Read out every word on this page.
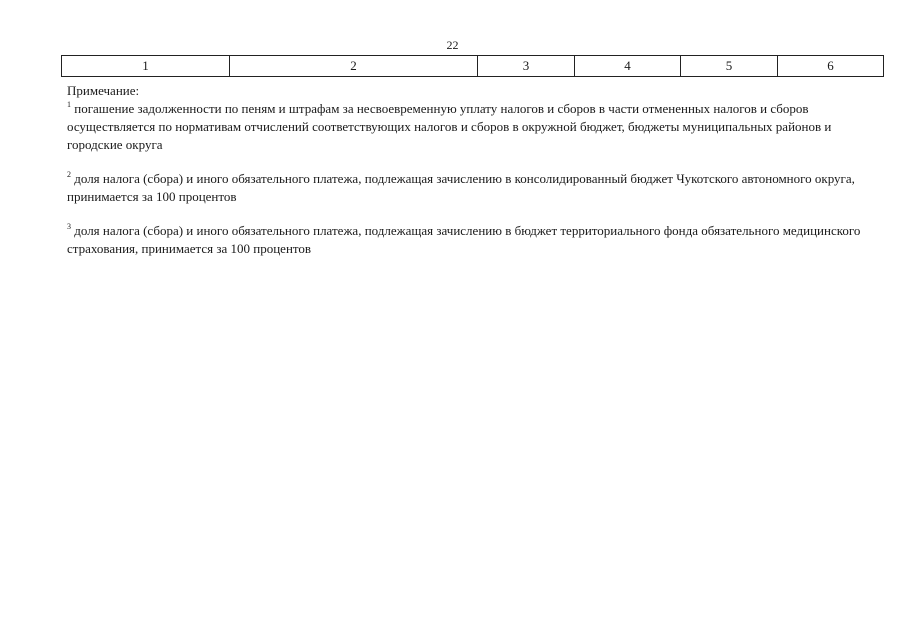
22
1	2	3	4	5	6

Примечание:

$^1$ погашение задолженности по пеням и штрафам за несвоевременную уплату налогов и сборов в части отмененных налогов и сборов осуществляется по нормативам отчислений соответствующих налогов и сборов в окружной бюджет, бюджеты муниципальных районов и городские округа

$^2$ доля налога (сбора) и иного обязательного платежа, подлежащая зачислению в консолидированный бюджет Чукотского автономного округа, принимается за 100 процентов

$^3$ доля налога (сбора) и иного обязательного платежа, подлежащая зачислению в бюджет территориального фонда обязательного медицинского страхования, принимается за 100 процентов
